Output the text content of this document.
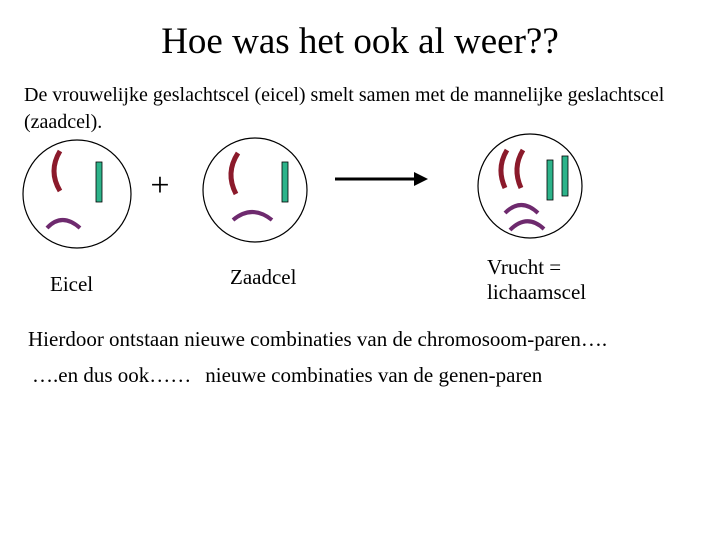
Hoe was het ook al weer??
De vrouwelijke geslachtscel (eicel) smelt samen met de mannelijke geslachtscel (zaadcel).
+
Eicel	Zaadcel	Vrucht =
lichaamscel
Hierdoor ontstaan nieuwe combinaties van de chromosoom-paren….
….en dus ook…… nieuwe combinaties van de genen-paren
